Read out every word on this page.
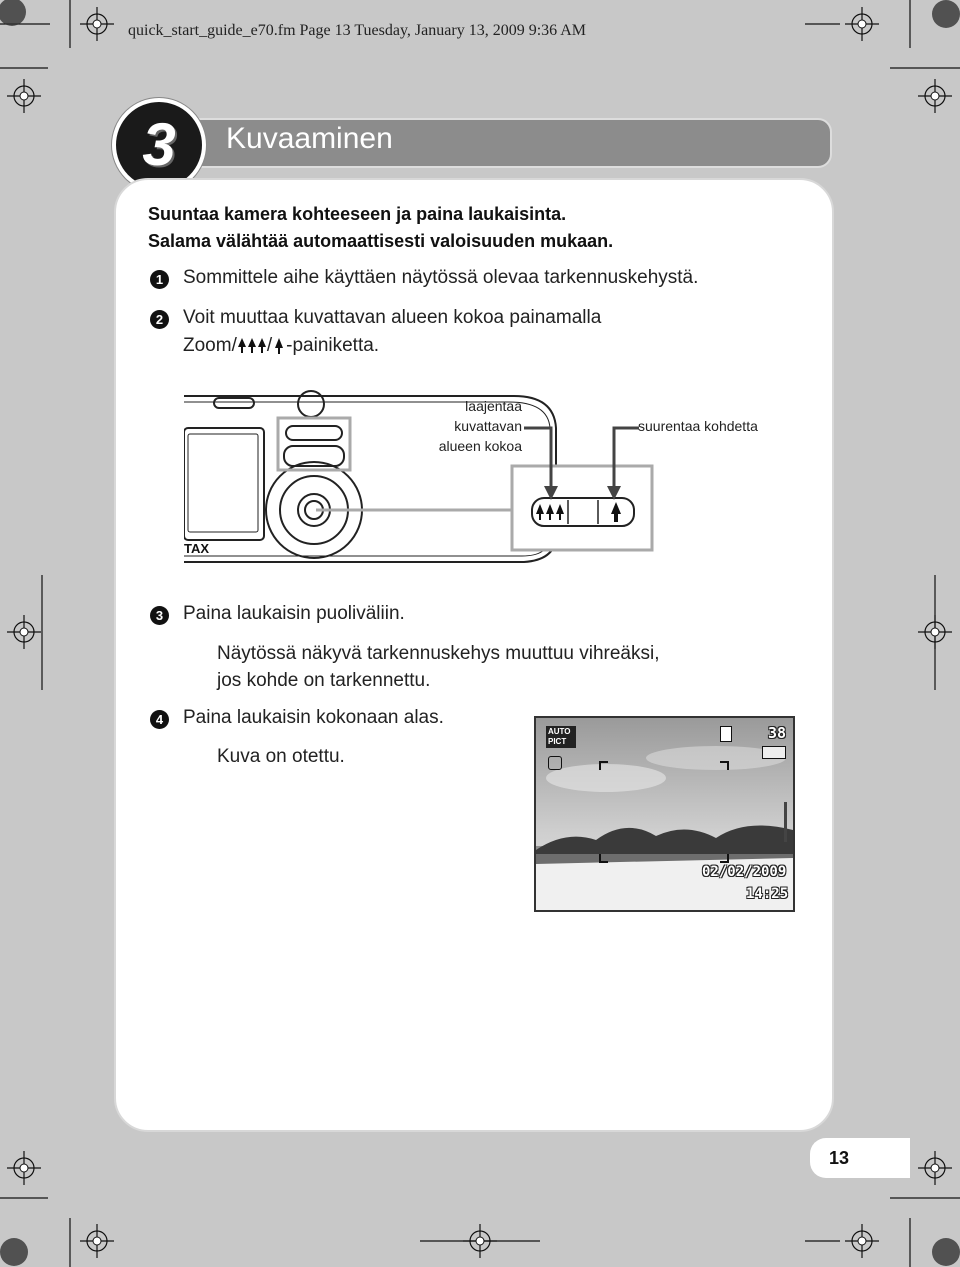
quick_start_guide_e70.fm Page 13 Tuesday, January 13, 2009 9:36 AM
Kuvaaminen
3
Suuntaa kamera kohteeseen ja paina laukaisinta.
Salama välähtää automaattisesti valoisuuden mukaan.
1	Sommittele aihe käyttäen näytössä olevaa tarkennuskehystä.
2	Voit muuttaa kuvattavan alueen kokoa painamalla
Zoom/ / -painiketta.
TAX
laajentaa
kuvattavan
alueen kokoa
suurentaa kohdetta
3	Paina laukaisin puoliväliin.
Näytössä näkyvä tarkennuskehys muuttuu vihreäksi,
jos kohde on tarkennettu.
4	Paina laukaisin kokonaan alas.
Kuva on otettu.
AUTO
PICT	38
02/02/2009
14:25
13
